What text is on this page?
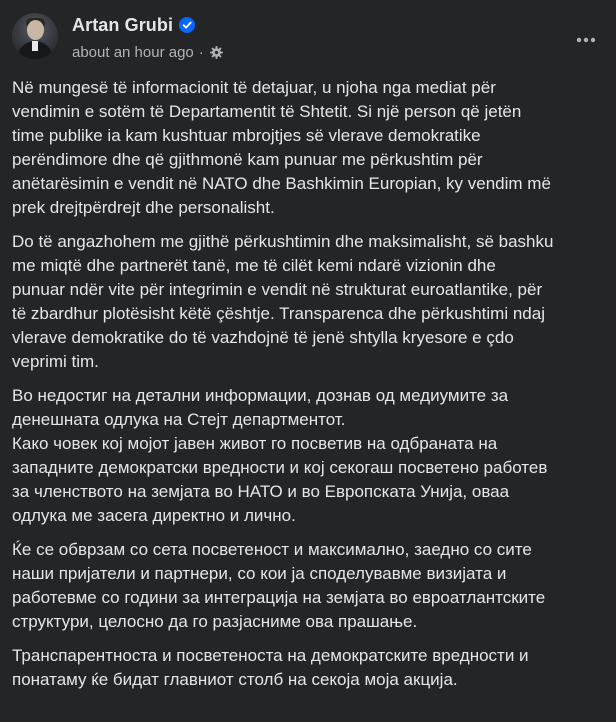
Artan Grubi
about an hour ago ·

Në mungesë të informacionit të detajuar, u njoha nga mediat për
vendimin e sotëm të Departamentit të Shtetit. Si një person që jetën
time publike ia kam kushtuar mbrojtjes së vlerave demokratike
perëndimore dhe që gjithmonë kam punuar me përkushtim për
anëtarësimin e vendit në NATO dhe Bashkimin Europian, ky vendim më
prek drejtpërdrejt dhe personalisht.

Do të angazhohem me gjithë përkushtimin dhe maksimalisht, së bashku
me miqtë dhe partnerët tanë, me të cilët kemi ndarë vizionin dhe
punuar ndër vite për integrimin e vendit në strukturat euroatlantike, për
të zbardhur plotësisht këtë çështje. Transparenca dhe përkushtimi ndaj
vlerave demokratike do të vazhdojnë të jenë shtylla kryesore e çdo
veprimi tim.

Во недостиг на детални информации, дознав од медиумите за
денешната одлука на Стејт департментот.
Како човек кој мојот јавен живот го посветив на одбраната на
западните демократски вредности и кој секогаш посветено работев
за членството на земјата во НАТО и во Европската Унија, оваа
одлука ме засега директно и лично.

Ќе се обврзам со сета посветеност и максимално, заедно со сите
наши пријатели и партнери, со кои ја споделувавме визијата и
работевме со години за интеграција на земјата во евроатлантските
структури, целосно да го разјасниме ова прашање.

Транспарентноста и посветеноста на демократските вредности и
понатаму ќе бидат главниот столб на секоја моја акција.
